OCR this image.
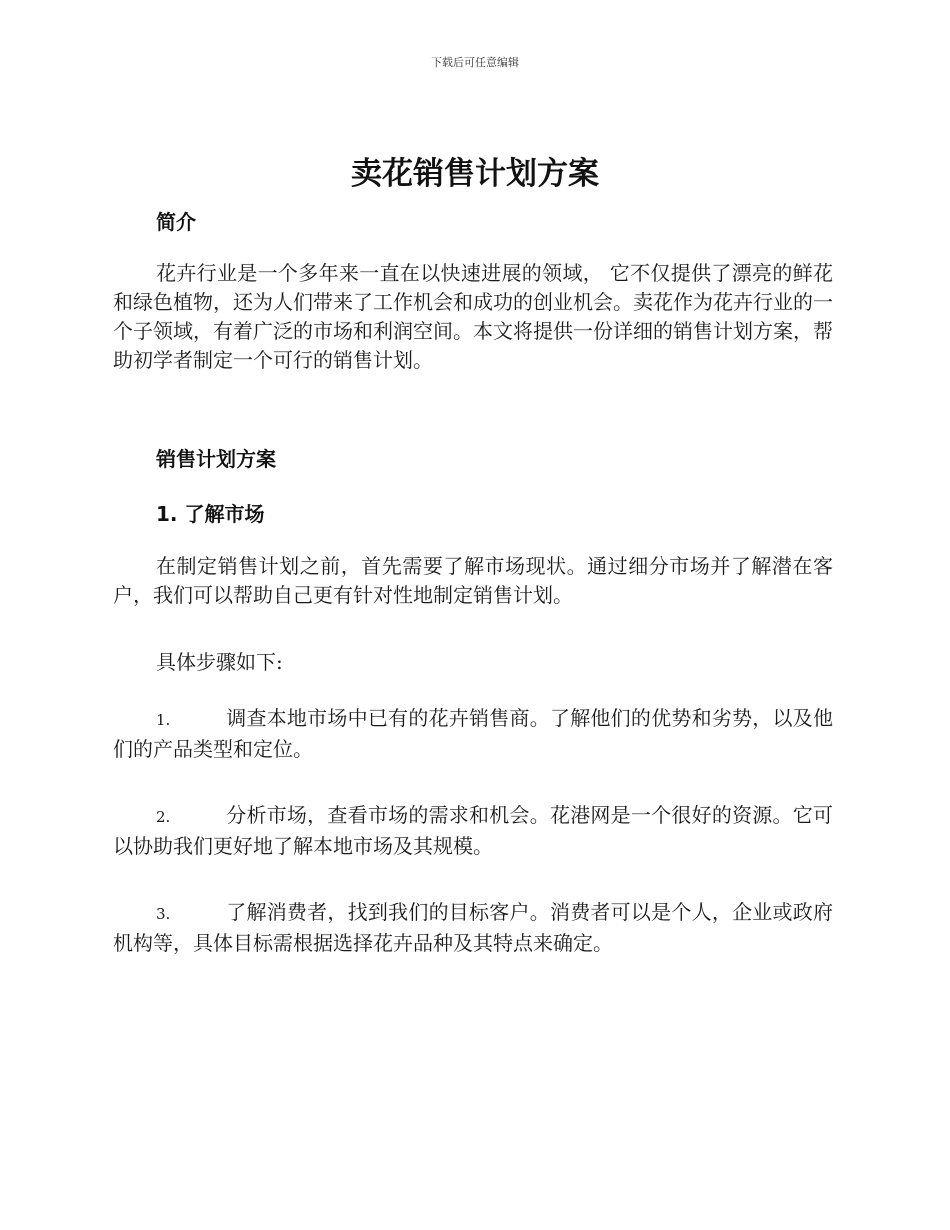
下载后可任意编辑
卖花销售计划方案
简介

花卉行业是一个多年来一直在以快速进展的领域， 它不仅提供了漂亮的鲜花和绿色植物，还为人们带来了工作机会和成功的创业机会。卖花作为花卉行业的一个子领域，有着广泛的市场和利润空间。本文将提供一份详细的销售计划方案，帮助初学者制定一个可行的销售计划。

销售计划方案
1. 了解市场

在制定销售计划之前，首先需要了解市场现状。通过细分市场并了解潜在客户，我们可以帮助自己更有针对性地制定销售计划。

具体步骤如下:

1.	调查本地市场中已有的花卉销售商。了解他们的优势和劣势，以及他们的产品类型和定位。

2.	分析市场，查看市场的需求和机会。花港网是一个很好的资源。它可以协助我们更好地了解本地市场及其规模。

3.	了解消费者，找到我们的目标客户。消费者可以是个人，企业或政府机构等，具体目标需根据选择花卉品种及其特点来确定。
